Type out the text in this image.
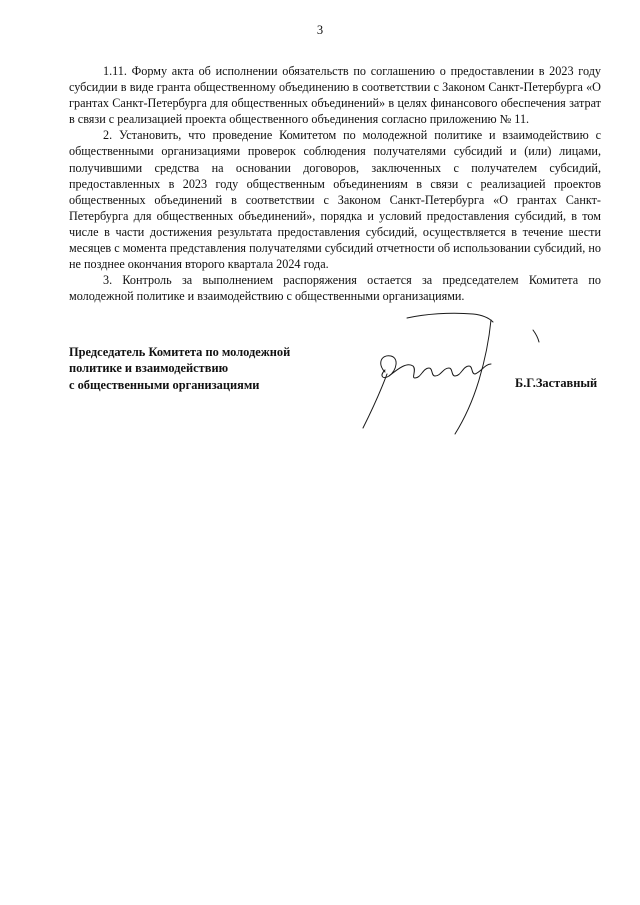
3

1.11. Форму акта об исполнении обязательств по соглашению о предоставлении в 2023 году субсидии в виде гранта общественному объединению в соответствии с Законом Санкт-Петербурга «О грантах Санкт-Петербурга для общественных объединений» в целях финансового обеспечения затрат в связи с реализацией проекта общественного объединения согласно приложению № 11.

2. Установить, что проведение Комитетом по молодежной политике и взаимодействию с общественными организациями проверок соблюдения получателями субсидий и (или) лицами, получившими средства на основании договоров, заключенных с получателем субсидий, предоставленных в 2023 году общественным объединениям в связи с реализацией проектов общественных объединений в соответствии с Законом Санкт-Петербурга «О грантах Санкт-Петербурга для общественных объединений», порядка и условий предоставления субсидий, в том числе в части достижения результата предоставления субсидий, осуществляется в течение шести месяцев с момента представления получателями субсидий отчетности об использовании субсидий, но не позднее окончания второго квартала 2024 года.

3. Контроль за выполнением распоряжения остается за председателем Комитета по молодежной политике и взаимодействию с общественными организациями.

Председатель Комитета по молодежной
политике и взаимодействию
с общественными организациями	Б.Г.Заставный
